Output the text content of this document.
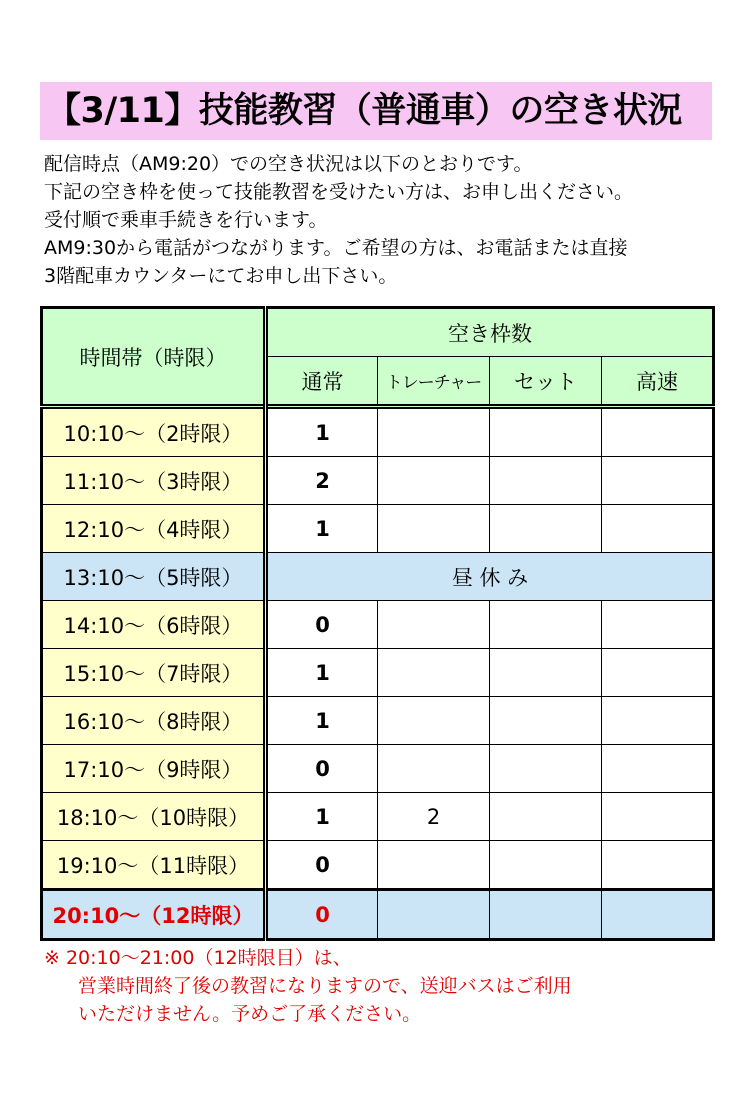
【3/11】技能教習（普通車）の空き状況
配信時点（AM9:20）での空き状況は以下のとおりです。
下記の空き枠を使って技能教習を受けたい方は、お申し出ください。
受付順で乗車手続きを行います。
AM9:30から電話がつながります。ご希望の方は、お電話または直接
3階配車カウンターにてお申し出下さい。
時間帯（時限）	空き枠数			
	通常	トレーチャー	セット	高速
10:10～（2時限）	1			
11:10～（3時限）	2			
12:10～（4時限）	1			
13:10～（5時限）	昼 休 み			
14:10～（6時限）	0			
15:10～（7時限）	1			
16:10～（8時限）	1			
17:10～（9時限）	0			
18:10～（10時限）	1	2		
19:10～（11時限）	0			
20:10～（12時限）	0			
※ 20:10～21:00（12時限目）は、
営業時間終了後の教習になりますので、送迎バスはご利用
いただけません。予めご了承ください。
